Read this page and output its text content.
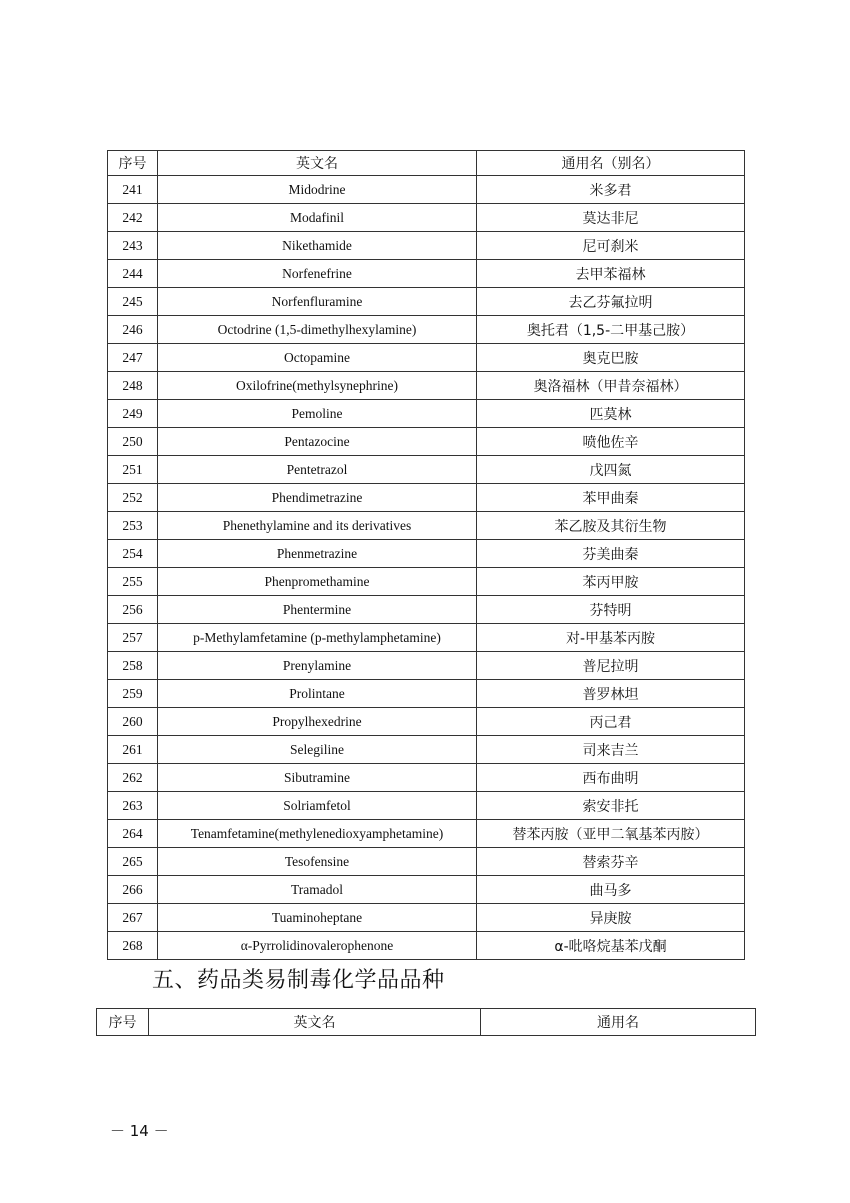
序号	英文名	通用名（别名）
241	Midodrine	米多君
242	Modafinil	莫达非尼
243	Nikethamide	尼可刹米
244	Norfenefrine	去甲苯福林
245	Norfenfluramine	去乙芬氟拉明
246	Octodrine (1,5-dimethylhexylamine)	奥托君（1,5-二甲基己胺）
247	Octopamine	奥克巴胺
248	Oxilofrine(methylsynephrine)	奥洛福林（甲昔奈福林）
249	Pemoline	匹莫林
250	Pentazocine	喷他佐辛
251	Pentetrazol	戊四氮
252	Phendimetrazine	苯甲曲秦
253	Phenethylamine and its derivatives	苯乙胺及其衍生物
254	Phenmetrazine	芬美曲秦
255	Phenpromethamine	苯丙甲胺
256	Phentermine	芬特明
257	p-Methylamfetamine (p-methylamphetamine)	对-甲基苯丙胺
258	Prenylamine	普尼拉明
259	Prolintane	普罗林坦
260	Propylhexedrine	丙己君
261	Selegiline	司来吉兰
262	Sibutramine	西布曲明
263	Solriamfetol	索安非托
264	Tenamfetamine(methylenedioxyamphetamine)	替苯丙胺（亚甲二氧基苯丙胺）
265	Tesofensine	替索芬辛
266	Tramadol	曲马多
267	Tuaminoheptane	异庚胺
268	α-Pyrrolidinovalerophenone	α-吡咯烷基苯戊酮
五、药品类易制毒化学品品种
序号	英文名	通用名
－ 14 －
